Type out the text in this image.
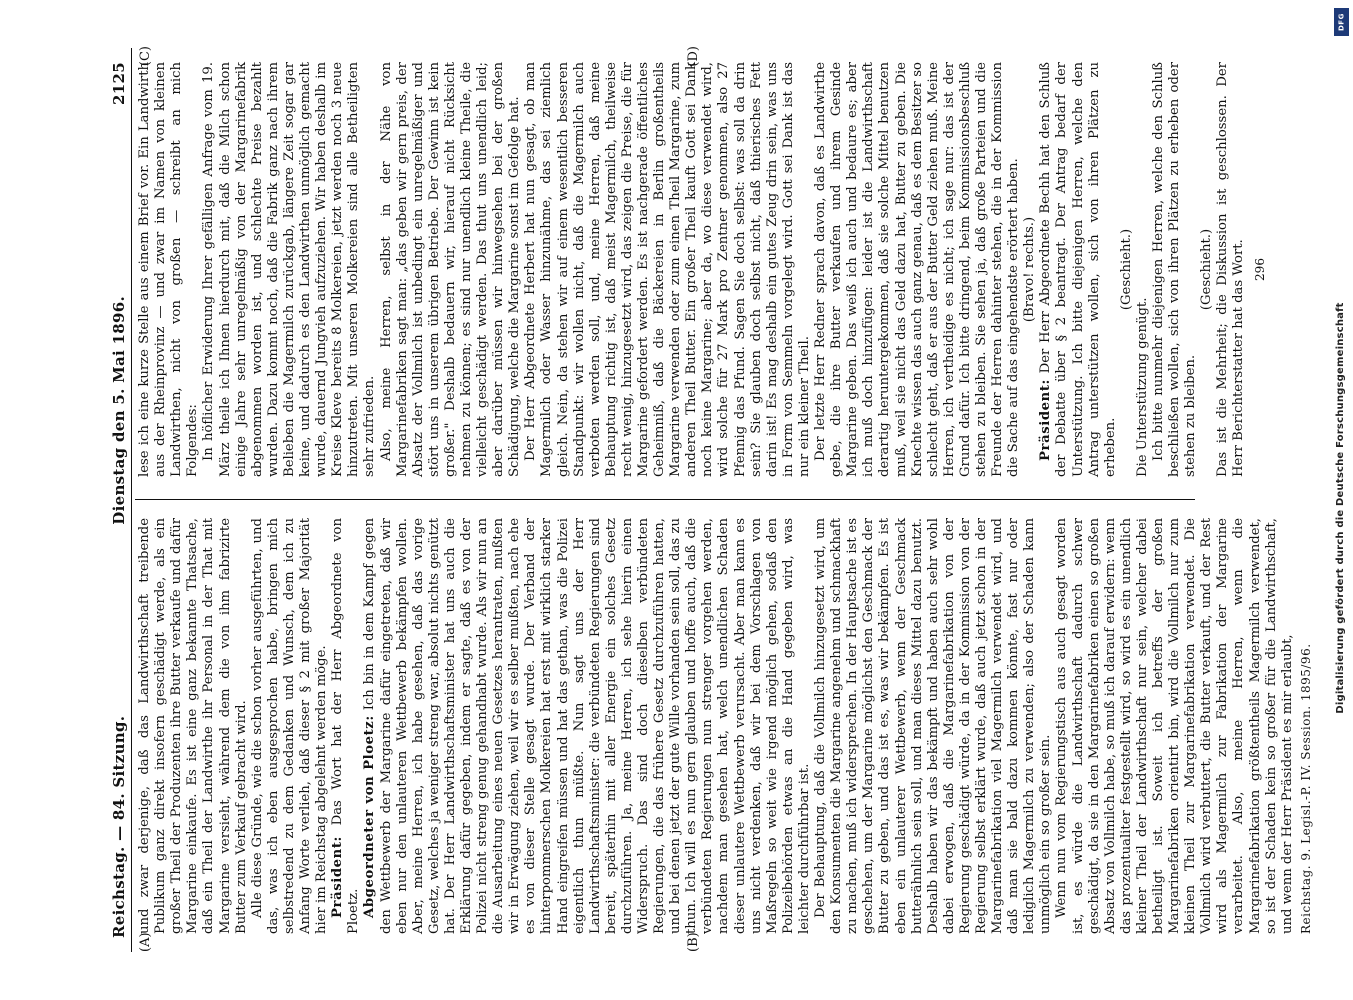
Reichstag. — 84. Sitzung.
Dienstag den 5. Mai 1896.
2125
(A)	(B)
(C)	(D)

und zwar derjenige, daß das Landwirthschaft treibende Publikum ganz direkt insofern geschädigt werde, als ein großer Theil der Produzenten ihre Butter verkaufe und dafür Margarine einkaufe. Es ist eine ganz bekannte Thatsache, daß ein Theil der Landwirthe ihr Personal in der That mit Margarine versieht, während dem die von ihm fabrizirte Butter zum Verkauf gebracht wird. Alle diese Gründe, wie die schon vorher ausgeführten, und das, was ich eben ausgesprochen habe, bringen mich selbstredend zu dem Gedanken und Wunsch, dem ich zu Anfang Worte verlieh, daß dieser § 2 mit großer Majorität hier im Reichstag abgelehnt werden möge. Präsident: Das Wort hat der Herr Abgeordnete von Ploetz. Abgeordneter von Ploetz: Ich bin in dem Kampf gegen den Wettbewerb der Margarine dafür eingetreten, daß wir eben nur den unlauteren Wettbewerb bekämpfen wollen. Aber, meine Herren, ich habe gesehen, daß das vorige Gesetz, welches ja weniger streng war, absolut nichts genützt hat. Der Herr Landwirthschaftsminister hat uns auch die Erklärung dafür gegeben, indem er sagte, daß es von der Polizei nicht streng genug gehandhabt wurde. Als wir nun an die Ausarbeitung eines neuen Gesetzes herantraten, mußten wir in Erwägung ziehen, weil wir es selber mußten, nach ehe es von dieser Stelle gesagt wurde. Der Verband der hinterpommerschen Molkereien hat erst mit wirklich starker Hand eingreifen müssen und hat das gethan, was die Polizei eigentlich thun müßte. Nun sagt uns der Herr Landwirthschaftsminister: die verbündeten Regierungen sind bereit, späterhin mit aller Energie ein solches Gesetz durchzuführen. Ja, meine Herren, ich sehe hierin einen Widerspruch. Das sind doch dieselben verbündeten Regierungen, die das frühere Gesetz durchzuführen hatten, und bei denen jetzt der gute Wille vorhanden sein soll, das zu thun. Ich will es nun gern glauben und hoffe auch, daß die verbündeten Regierungen nun strenger vorgehen werden, nachdem man gesehen hat, welch unendlichen Schaden dieser unlautere Wettbewerb verursacht. Aber man kann es uns nicht verdenken, daß wir bei dem Vorschlagen von Maßregeln so weit wie irgend möglich gehen, sodaß den Polizeibehörden etwas an die Hand gegeben wird, was leichter durchführbar ist. Der Behauptung, daß die Vollmilch hinzugesetzt wird, um den Konsumenten die Margarine angenehm und schmackhaft zu machen, muß ich widersprechen. In der Hauptsache ist es geschehen, um der Margarine möglichst den Geschmack der Butter zu geben, und das ist es, was wir bekämpfen. Es ist eben ein unlauterer Wettbewerb, wenn der Geschmack butterähnlich sein soll, und man dieses Mittel dazu benutzt. Deshalb haben wir das bekämpft und haben auch sehr wohl dabei erwogen, daß die Margarinefabrikation von der Regierung geschädigt würde, da in der Kommission von der Regierung selbst erklärt wurde, daß auch jetzt schon in der Margarinefabrikation viel Magermilch verwendet wird, und daß man sie bald dazu kommen könnte, fast nur oder lediglich Magermilch zu verwenden; also der Schaden kann unmöglich ein so großer sein. Wenn nun vom Regierungstisch aus auch gesagt worden ist, es würde die Landwirthschaft dadurch schwer geschädigt, da sie in den Margarinefabriken einen so großen Absatz von Vollmilch habe, so muß ich darauf erwidern: wenn das prozentualiter festgestellt wird, so wird es ein unendlich kleiner Theil der Landwirthschaft nur sein, welcher dabei betheiligt ist. Soweit ich betreffs der großen Margarinefabriken orientirt bin, wird die Vollmilch nur zum kleinen Theil zur Margarinefabrikation verwendet. Die Vollmilch wird verbuttert, die Butter verkauft, und der Rest wird als Magermilch zur Fabrikation der Margarine verarbeitet. Also, meine Herren, wenn die Margarinefabrikation größtentheils Magermilch verwendet, so ist der Schaden kein so großer für die Landwirthschaft, und wenn der Herr Präsident es mir erlaubt, Reichstag. 9. Legisl.-P. IV. Session. 1895/96.

lese ich eine kurze Stelle aus einem Brief vor. Ein Landwirth aus der Rheinprovinz — und zwar im Namen von kleinen Landwirthen, nicht von großen — schreibt an mich Folgendes: In höflicher Erwiderung Ihrer gefälligen Anfrage vom 19. März theile ich Ihnen hierdurch mit, daß die Milch schon einige Jahre sehr unregelmäßig von der Margarinefabrik abgenommen worden ist, und schlechte Preise bezahlt wurden. Dazu kommt noch, daß die Fabrik ganz nach ihrem Belieben die Magermilch zurückgab, längere Zeit sogar gar keine, und dadurch es den Landwirthen unmöglich gemacht wurde, dauernd Jungvieh aufzuziehen. Wir haben deshalb im Kreise Kleve bereits 8 Molkereien, jetzt werden noch 3 neue hinzutreten. Mit unseren Molkereien sind alle Betheiligten sehr zufrieden. Also, meine Herren, selbst in der Nähe von Margarinefabriken sagt man: „das geben wir gern preis, der Absatz der Vollmilch ist unbedingt ein unregelmäßiger und stört uns in unserem übrigen Betriebe. Der Gewinn ist kein großer." Deshalb bedauern wir, hierauf nicht Rücksicht nehmen zu können; es sind nur unendlich kleine Theile, die vielleicht geschädigt werden. Das thut uns unendlich leid; aber darüber müssen wir hinwegsehen bei der großen Schädigung, welche die Margarine sonst im Gefolge hat. Der Herr Abgeordnete Herbert hat nun gesagt, ob man Magermilch oder Wasser hinzunähme, das sei ziemlich gleich. Nein, da stehen wir auf einem wesentlich besseren Standpunkt: wir wollen nicht, daß die Magermilch auch verboten werden soll, und, meine Herren, daß meine Behauptung richtig ist, daß meist Magermilch, theilweise recht wenig, hinzugesetzt wird, das zeigen die Preise, die für Margarine gefordert werden. Es ist nachgerade öffentliches Geheimniß, daß die Bäckereien in Berlin großentheils Margarine verwenden oder zum einen Theil Margarine, zum anderen Theil Butter. Ein großer Theil kauft Gott sei Dank noch keine Margarine; aber da, wo diese verwendet wird, wird solche für 27 Mark pro Zentner genommen, also 27 Pfennig das Pfund. Sagen Sie doch selbst: was soll da drin sein? Sie glauben doch selbst nicht, daß thierisches Fett darin ist! Es mag deshalb ein gutes Zeug drin sein, was uns in Form von Semmeln vorgelegt wird. Gott sei Dank ist das nur ein kleiner Theil. Der letzte Herr Redner sprach davon, daß es Landwirthe gebe, die ihre Butter verkaufen und ihrem Gesinde Margarine geben. Das weiß ich auch und bedaure es; aber ich muß doch hinzufügen: leider ist die Landwirthschaft derartig heruntergekommen, daß sie solche Mittel benutzen muß, weil sie nicht das Geld dazu hat, Butter zu geben. Die Knechte wissen das auch ganz genau, daß es dem Besitzer so schlecht geht, daß er aus der Butter Geld ziehen muß. Meine Herren, ich vertheidige es nicht; ich sage nur: das ist der Grund dafür. Ich bitte dringend, beim Kommissionsbeschluß stehen zu bleiben. Sie sehen ja, daß große Parteien und die Freunde der Herren dahinter stehen, die in der Kommission die Sache auf das eingehendste erörtert haben. (Bravo! rechts.)

Präsident: Der Herr Abgeordnete Bechh hat den Schluß der Debatte über § 2 beantragt. Der Antrag bedarf der Unterstützung. Ich bitte diejenigen Herren, welche den Antrag unterstützen wollen, sich von ihren Plätzen zu erheben.

(Geschieht.)

Die Unterstützung genügt. Ich bitte nunmehr diejenigen Herren, welche den Schluß beschließen wollen, sich von ihren Plätzen zu erheben oder stehen zu bleiben.

(Geschieht.) Das ist die Mehrheit; die Diskussion ist geschlossen. Der Herr Berichterstatter hat das Wort. 296
Digitalisierung gefördert durch die Deutsche Forschungsgemeinschaft
DFG
